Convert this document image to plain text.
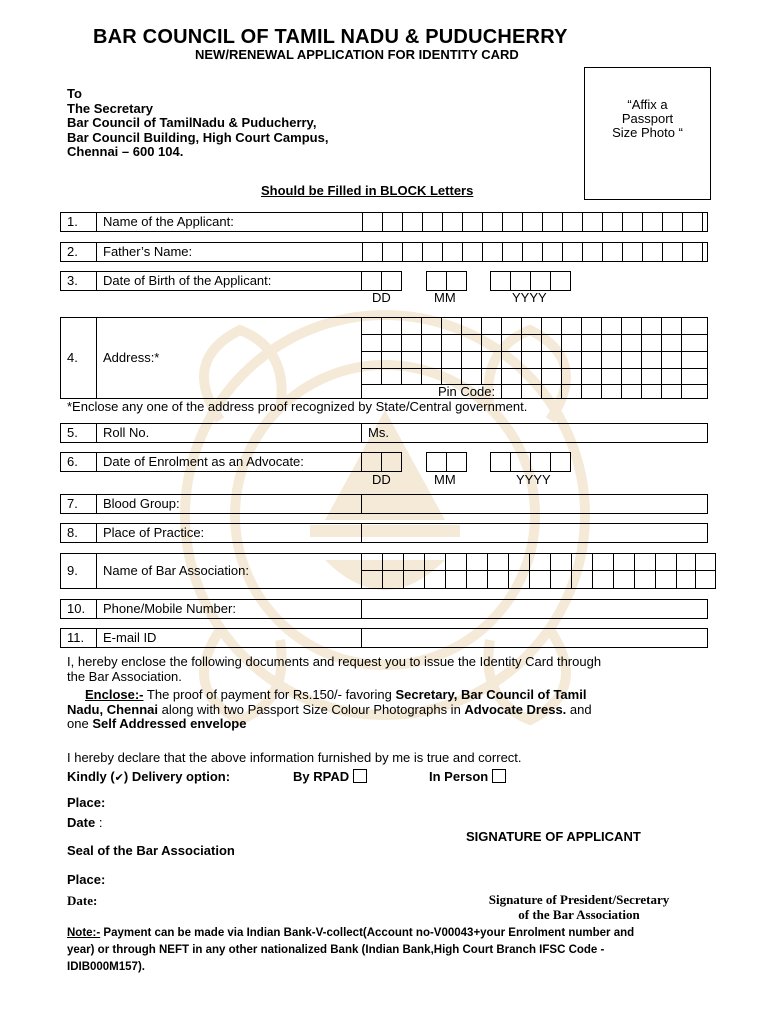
BAR COUNCIL OF TAMIL NADU & PUDUCHERRY
NEW/RENEWAL APPLICATION FOR IDENTITY CARD
To
The Secretary
Bar Council of TamilNadu & Puducherry,
Bar Council Building, High Court Campus,
Chennai – 600 104.
“Affix a
Passport
Size Photo “
Should be Filled in BLOCK Letters
1.	Name of the Applicant:
2.	Father’s Name:
3.	Date of Birth of the Applicant:
DD	MM	YYYY
4.	Address:*
Pin Code:
*Enclose any one of the address proof recognized by State/Central government.
5.	Roll No.	Ms.
6.	Date of Enrolment as an Advocate:
DD	MM	YYYY
7.	Blood Group:
8.	Place of Practice:
9.	Name of Bar Association:
10.	Phone/Mobile Number:
11.	E-mail ID
I, hereby enclose the following documents and request you to issue the Identity Card through
the Bar Association.
Enclose:- The proof of payment for Rs.150/- favoring Secretary, Bar Council of Tamil
Nadu, Chennai along with two Passport Size Colour Photographs in Advocate Dress. and
one Self Addressed envelope
I hereby declare that the above information furnished by me is true and correct.
Kindly (✔) Delivery option:	By RPAD	In Person
Place:
Date :
SIGNATURE OF APPLICANT
Seal of the Bar Association
Place:
Date:	Signature of President/Secretary
of the Bar Association
Note:- Payment can be made via Indian Bank-V-collect(Account no-V00043+your Enrolment number and
year) or through NEFT in any other nationalized Bank (Indian Bank,High Court Branch IFSC Code -
IDIB000M157).
